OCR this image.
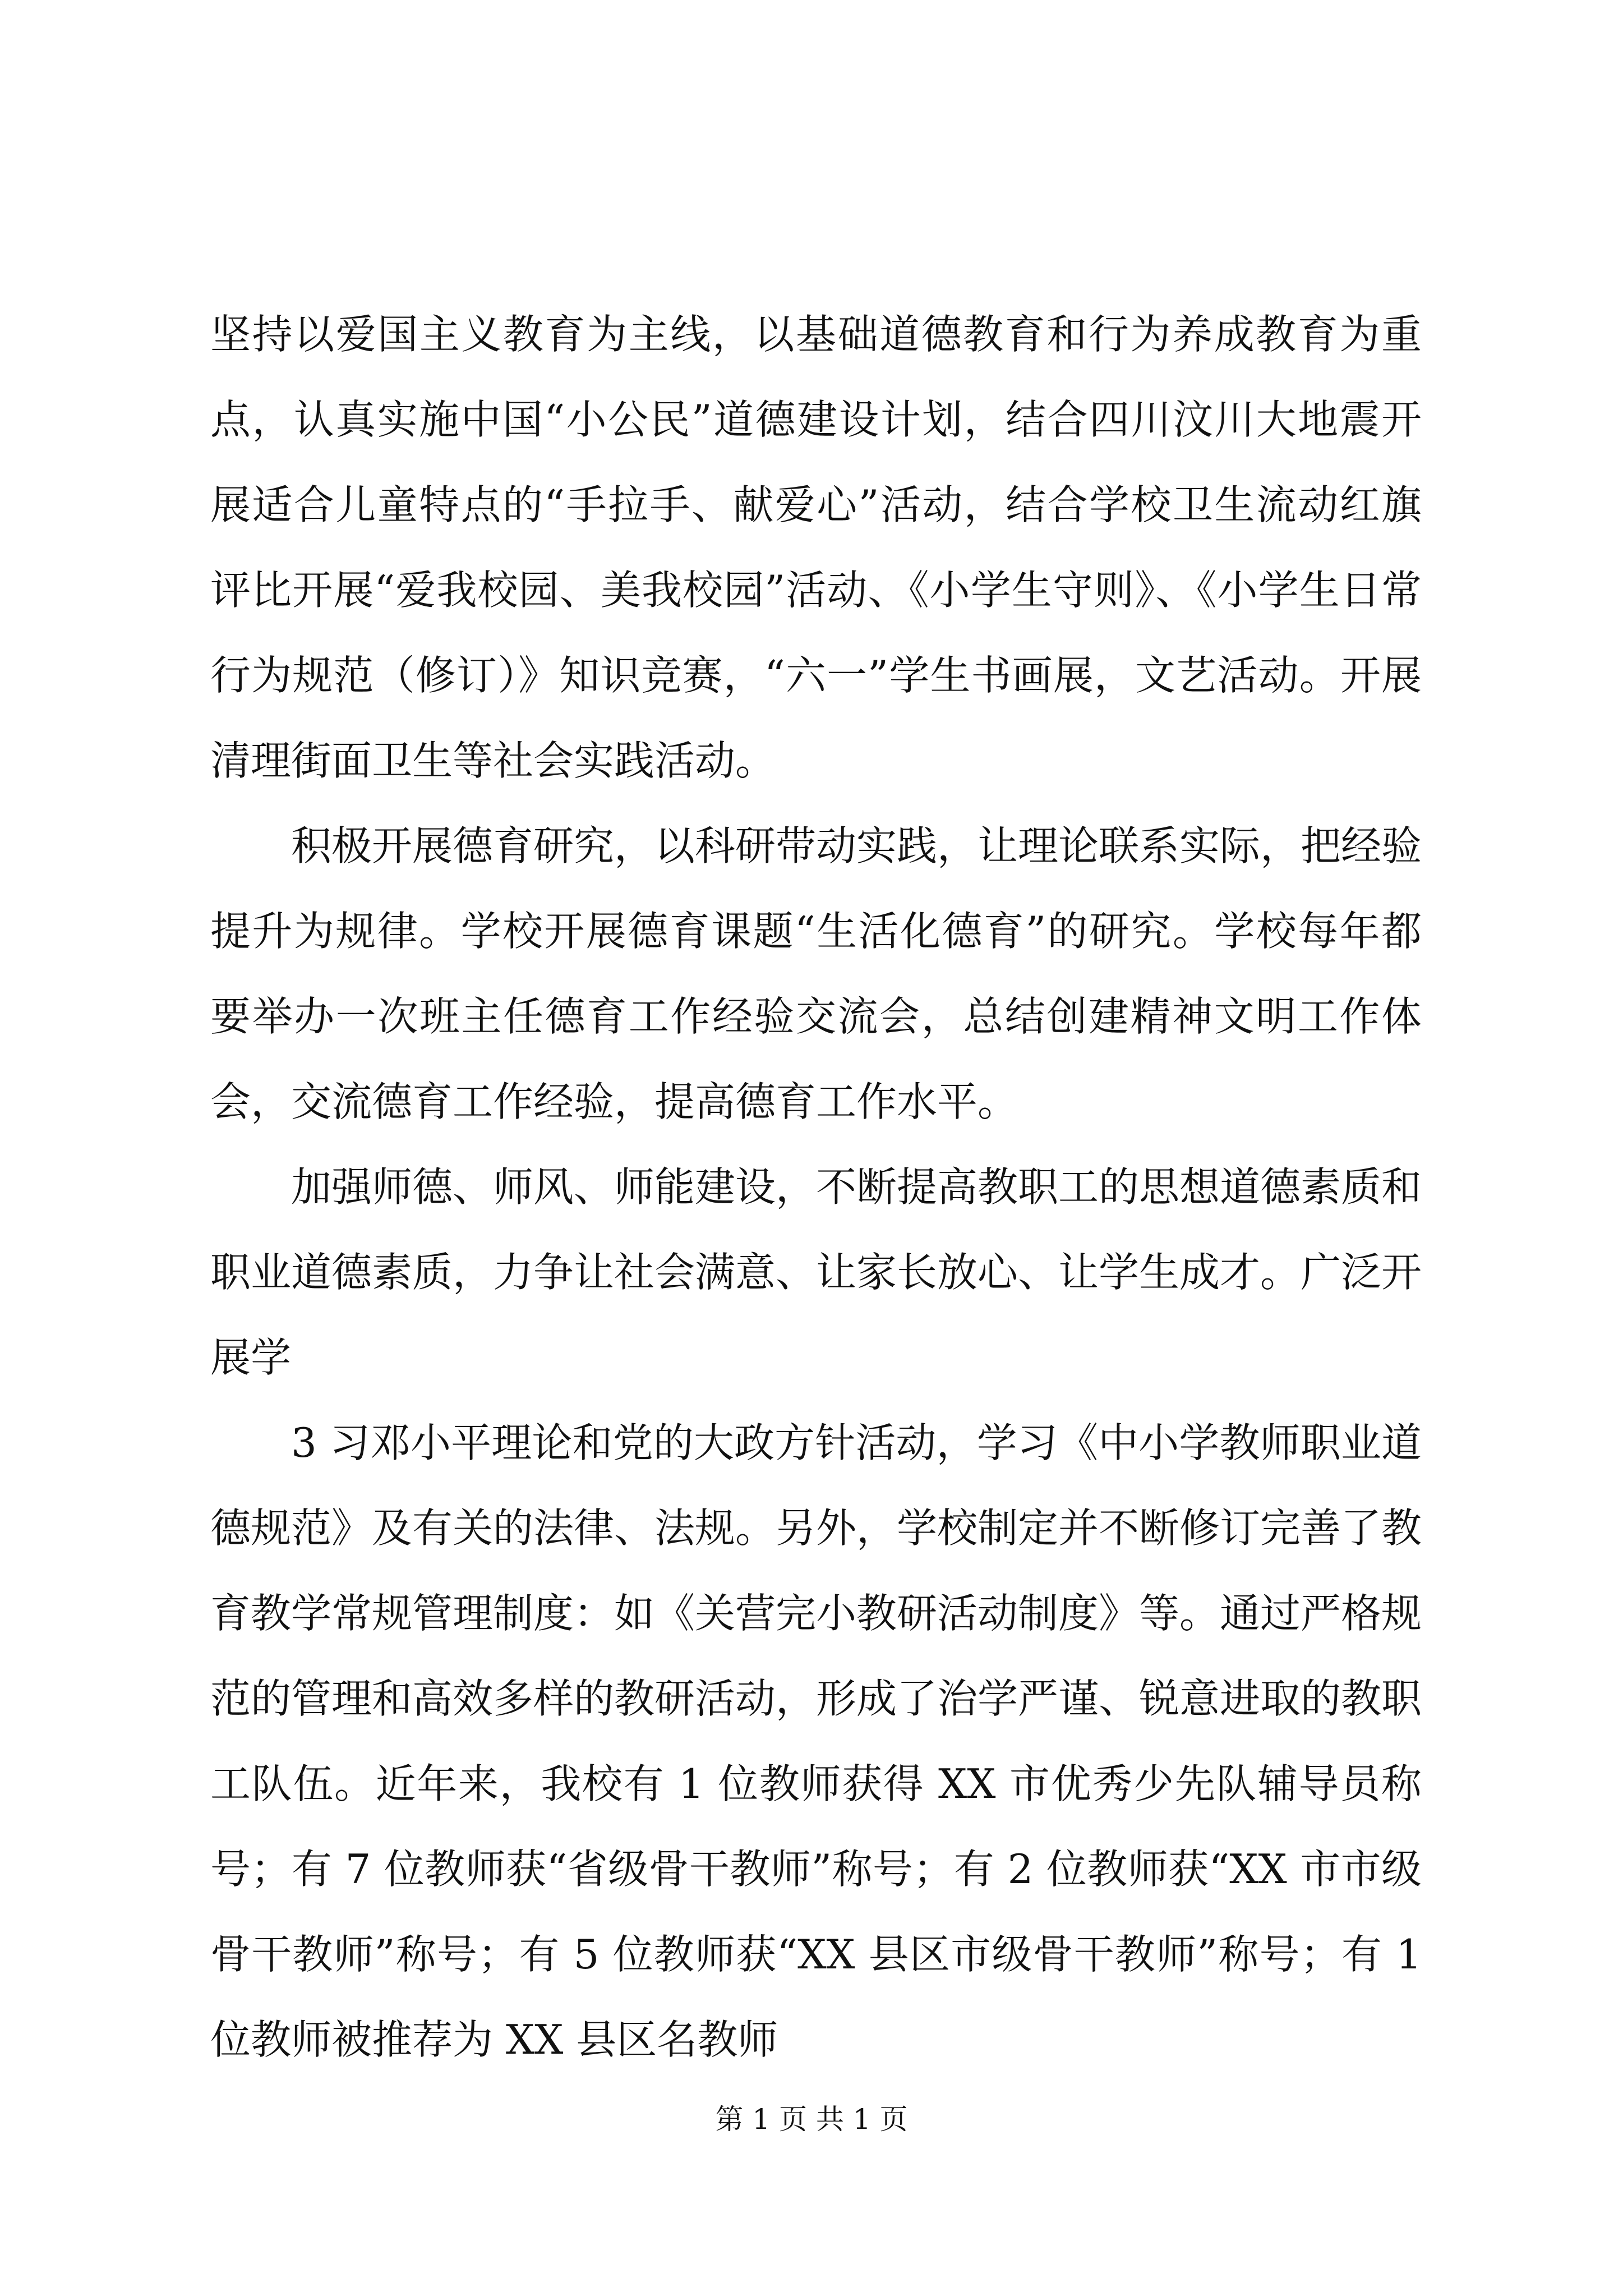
坚持以爱国主义教育为主线，以基础道德教育和行为养成教育为重点，认真实施中国“小公民”道德建设计划，结合四川汶川大地震开展适合儿童特点的“手拉手、献爱心”活动，结合学校卫生流动红旗评比开展“爱我校园、美我校园”活动、《小学生守则》、《小学生日常行为规范（修订）》知识竞赛，“六一”学生书画展，文艺活动。开展清理街面卫生等社会实践活动。

积极开展德育研究，以科研带动实践，让理论联系实际，把经验提升为规律。学校开展德育课题“生活化德育”的研究。学校每年都要举办一次班主任德育工作经验交流会，总结创建精神文明工作体会，交流德育工作经验，提高德育工作水平。

加强师德、师风、师能建设，不断提高教职工的思想道德素质和职业道德素质，力争让社会满意、让家长放心、让学生成才。广泛开展学

3 习邓小平理论和党的大政方针活动，学习《中小学教师职业道德规范》及有关的法律、法规。另外，学校制定并不断修订完善了教育教学常规管理制度：如《关营完小教研活动制度》等。通过严格规范的管理和高效多样的教研活动，形成了治学严谨、锐意进取的教职工队伍。近年来，我校有 1 位教师获得 XX 市优秀少先队辅导员称号；有 7 位教师获“省级骨干教师”称号；有 2 位教师获“XX 市市级骨干教师”称号；有 5 位教师获“XX 县区市级骨干教师”称号；有 1 位教师被推荐为 XX 县区名教师

第 1 页 共 1 页
